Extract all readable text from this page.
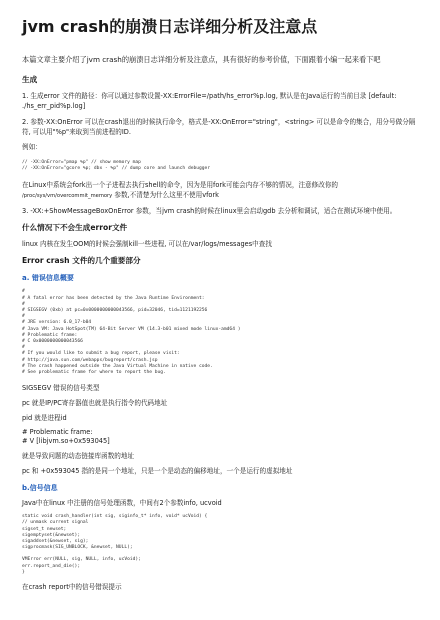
jvm crash的崩溃日志详细分析及注意点
本篇文章主要介绍了jvm crash的崩溃日志详细分析及注意点，具有很好的参考价值，下面跟着小编一起来看下吧
生成
1. 生成error 文件的路径：你可以通过参数设置-XX:ErrorFile=/path/hs_error%p.log, 默认是在Java运行的当前目录 [default: ./hs_err_pid%p.log]
2. 参数-XX:OnError 可以在crash退出的时候执行命令，格式是-XX:OnError="string"，<string> 可以是命令的集合，用分号做分隔符, 可以用"%p"来取到当前进程的ID.
例如：
// -XX:OnError="pmap %p" // show memory map
// -XX:OnError="gcore %p; dbx - %p" // dump core and launch debugger
在Linux中系统会fork出一个子进程去执行shell的命令，因为是用fork可能会内存不够的情况，注意修改你的
/proc/sys/vm/overcommit_memory 参数,不清楚为什么这里不使用vfork
3. -XX:+ShowMessageBoxOnError 参数，当jvm crash的时候在linux里会启动gdb 去分析和调试，适合在测试环境中使用。
什么情况下不会生成error文件
linux 内核在发生OOM的时候会强制kill一些进程, 可以在/var/logs/messages中查找
Error crash 文件的几个重要部分
a. 错误信息概要
#
# A fatal error has been detected by the Java Runtime Environment:
#
# SIGSEGV (0xb) at pc=0x0000000000043566, pid=32046, tid=1121192256
#
# JRE version: 6.0_17-b04
# Java VM: Java HotSpot(TM) 64-Bit Server VM (14.3-b01 mixed mode linux-amd64 )
# Problematic frame:
# C 0x0000000000043566
#
# If you would like to submit a bug report, please visit:
# http://java.sun.com/webapps/bugreport/crash.jsp
# The crash happened outside the Java Virtual Machine in native code.
# See problematic frame for where to report the bug.
SIGSEGV 错误的信号类型
pc 就是IP/PC寄存器值也就是执行指令的代码地址
pid 就是进程id
# Problematic frame:
# V [libjvm.so+0x593045]
就是导致问题的动态链接库函数的地址
pc 和 +0x593045 指的是同一个地址，只是一个是动态的偏移地址，一个是运行的虚拟地址
b.信号信息
Java中在linux 中注册的信号处理函数，中间有2个参数info, ucvoid
static void crash_handler(int sig, siginfo_t* info, void* ucVoid) {
// unmask current signal
sigset_t newset;
sigemptyset(&newset);
sigaddset(&newset, sig);
sigprocmask(SIG_UNBLOCK, &newset, NULL);
VMError err(NULL, sig, NULL, info, ucVoid);
err.report_and_die();
}
在crash report中的信号错误提示
